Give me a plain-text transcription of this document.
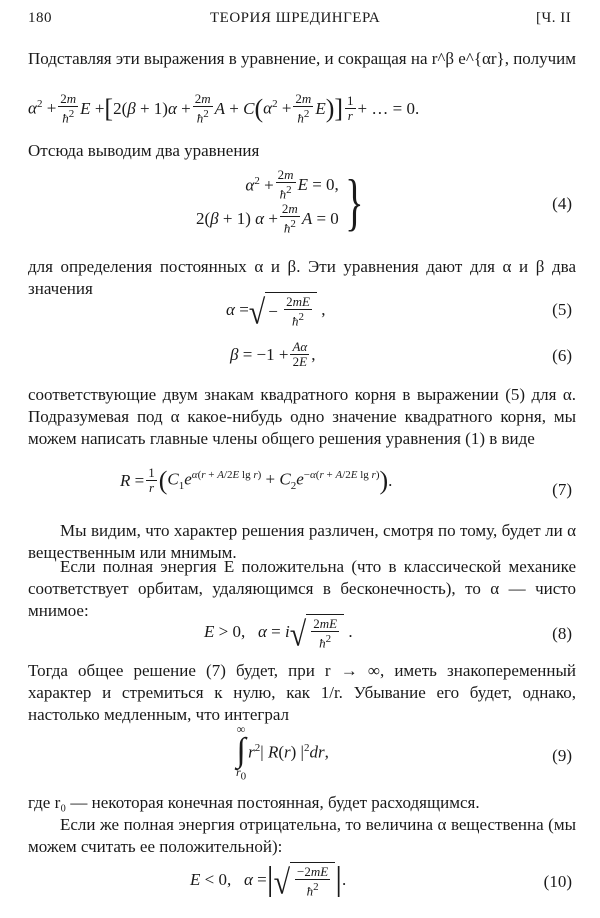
180	ТЕОРИЯ ШРЕДИНГЕРА	[Ч. II
Подставляя эти выражения в уравнение, и сокращая на r^β e^{αr}, получим
$\alpha^2 + \frac{2m}{ħ^2}$ E + [ $2(\beta + 1)\alpha + \frac{2m}{ħ^2}$ A + C ( $\alpha^2 + \frac{2m}{ħ^2}$ E )] $\frac{1}{r}$ + … = 0.
Отсюда выводим два уравнения
$\alpha^2 + \frac{2m}{ħ^2}$ E = 0,
2(β + 1) $\alpha + \frac{2m}{ħ^2}$ A = 0 }	(4)
для определения постоянных α и β. Эти уравнения дают для α и β два значения
α = √ − $\frac{2mE}{ħ^2}$ ,	(5)
$\beta = -1 + \frac{A\alpha}{2E}$ ,	(6)
соответствующие двум знакам квадратного корня в выражении (5) для α. Подразумевая под α какое-нибудь одно значение квадратного корня, мы можем написать главные члены общего решения уравнения (1) в виде
$R = \frac{1}{r}$ ( $C_1e^{\alpha(r + A/2E lg r)} + C_2e^{-\alpha(r + A/2E lg r)}$ ) .	(7)
Мы видим, что характер решения различен, смотря по тому, будет ли α вещественным или мнимым.
Если полная энергия E положительна (что в классической механике соответствует орбитам, удаляющимся в бесконечность), то α — чисто мнимое:
E > 0,   α = i √ $\frac{2mE}{ħ^2}$ .	(8)
Тогда общее решение (7) будет, при r → ∞, иметь знакопеременный характер и стремиться к нулю, как 1/r. Убывание его будет, однако, настолько медленным, что интеграл
∞
∫
$r_0$
$r^2|$ R(r) $|^2dr$,	(9)
где r₀ — некоторая конечная постоянная, будет расходящимся.
Если же полная энергия отрицательна, то величина α вещественна (мы можем считать ее положительной):
E < 0,   α = | √ $\frac{-2mE}{ħ^2}$ | .	(10)
